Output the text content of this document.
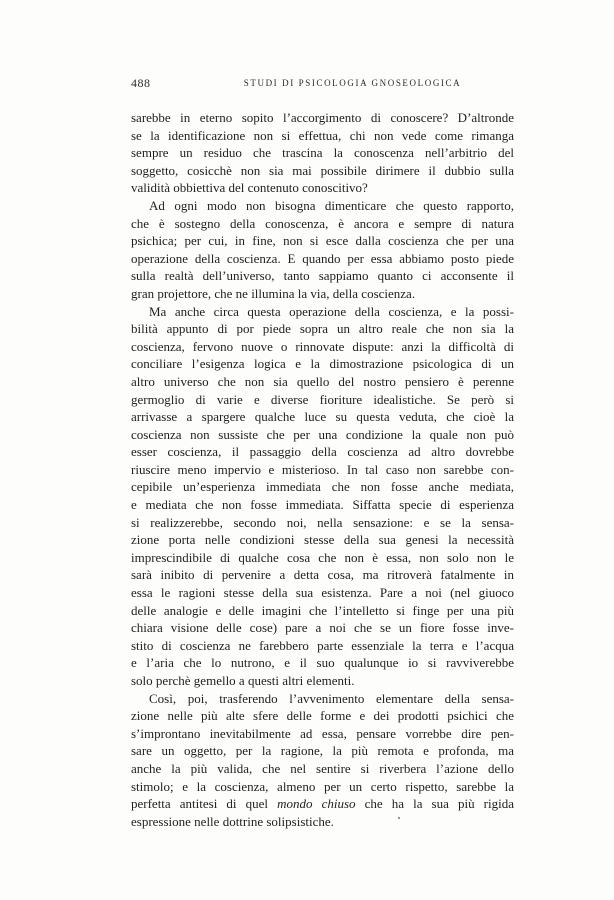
488	STUDI DI PSICOLOGIA GNOSEOLOGICA
sarebbe in eterno sopito l’accorgimento di conoscere? D’altronde
se la identificazione non si effettua, chi non vede come rimanga
sempre un residuo che trascina la conoscenza nell’arbitrio del
soggetto, cosicchè non sia mai possibile dirimere il dubbio sulla
validità obbiettiva del contenuto conoscitivo?
Ad ogni modo non bisogna dimenticare che questo rapporto,
che è sostegno della conoscenza, è ancora e sempre di natura
psichica; per cui, in fine, non si esce dalla coscienza che per una
operazione della coscienza. E quando per essa abbiamo posto piede
sulla realtà dell’universo, tanto sappiamo quanto ci acconsente il
gran projettore, che ne illumina la via, della coscienza.
Ma anche circa questa operazione della coscienza, e la possi-
bilità appunto di por piede sopra un altro reale che non sia la
coscienza, fervono nuove o rinnovate dispute: anzi la difficoltà di
conciliare l’esigenza logica e la dimostrazione psicologica di un
altro universo che non sia quello del nostro pensiero è perenne
germoglio di varie e diverse fioriture idealistiche. Se però si
arrivasse a spargere qualche luce su questa veduta, che cioè la
coscienza non sussiste che per una condizione la quale non può
esser coscienza, il passaggio della coscienza ad altro dovrebbe
riuscire meno impervio e misterioso. In tal caso non sarebbe con-
cepibile un’esperienza immediata che non fosse anche mediata,
e mediata che non fosse immediata. Siffatta specie di esperienza
si realizzerebbe, secondo noi, nella sensazione: e se la sensa-
zione porta nelle condizioni stesse della sua genesi la necessità
imprescindibile di qualche cosa che non è essa, non solo non le
sarà inibito di pervenire a detta cosa, ma ritroverà fatalmente in
essa le ragioni stesse della sua esistenza. Pare a noi (nel giuoco
delle analogie e delle imagini che l’intelletto si finge per una più
chiara visione delle cose) pare a noi che se un fiore fosse inve-
stito di coscienza ne farebbero parte essenziale la terra e l’acqua
e l’aria che lo nutrono, e il suo qualunque io si ravviverebbe
solo perchè gemello a questi altri elementi.
Così, poi, trasferendo l’avvenimento elementare della sensa-
zione nelle più alte sfere delle forme e dei prodotti psichici che
s’improntano inevitabilmente ad essa, pensare vorrebbe dire pen-
sare un oggetto, per la ragione, la più remota e profonda, ma
anche la più valida, che nel sentire si riverbera l’azione dello
stimolo; e la coscienza, almeno per un certo rispetto, sarebbe la
perfetta antitesi di quel mondo chiuso che ha la sua più rigida
espressione nelle dottrine solipsistiche.
